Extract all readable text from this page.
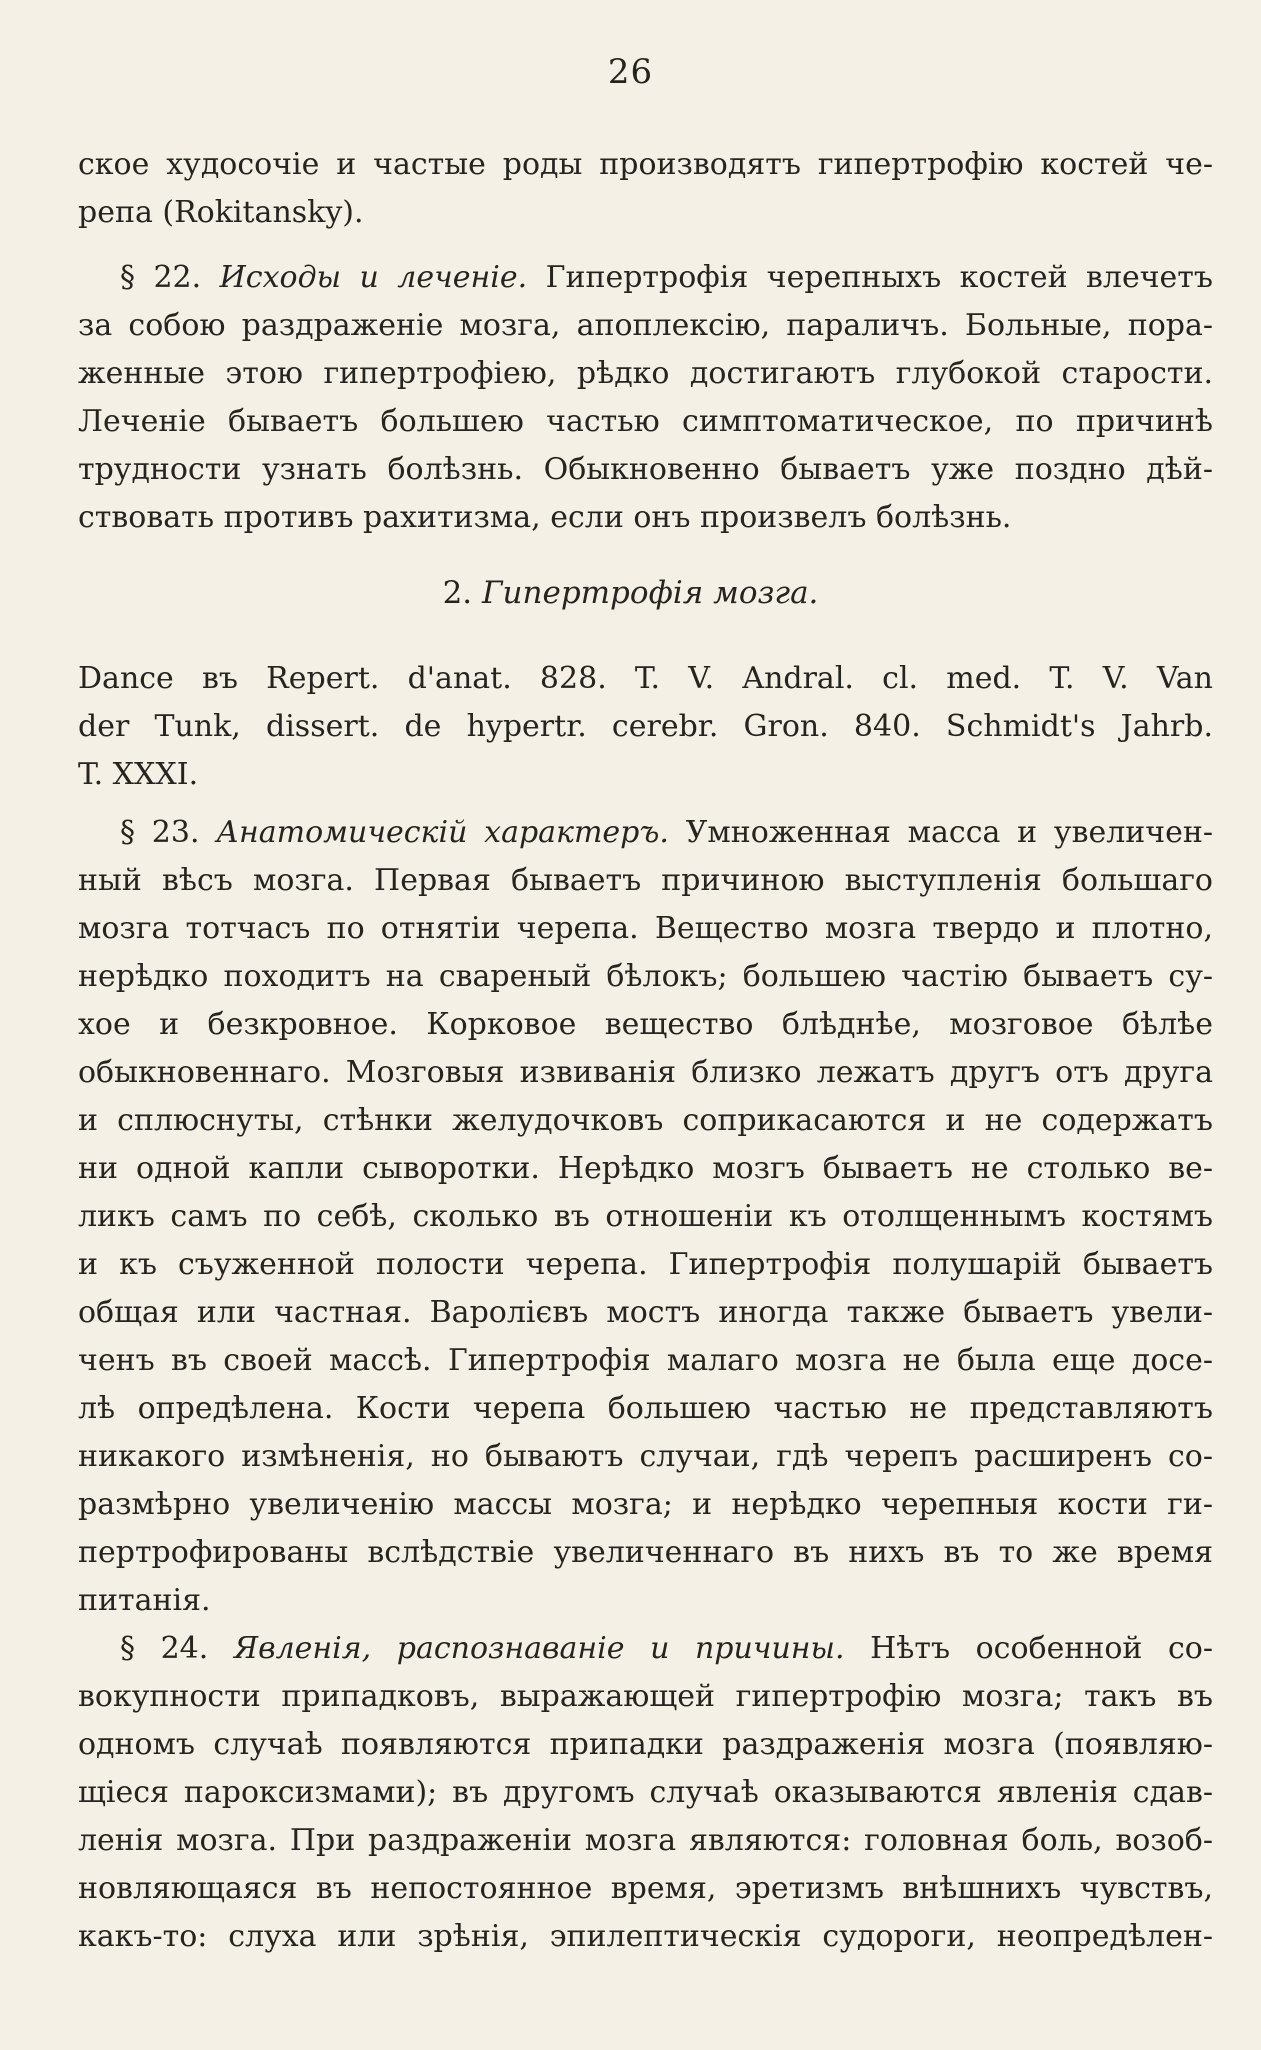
26
ское худосочіе и частые роды производятъ гипертрофію костей че-
репа (Rokitansky).
§ 22. Исходы и леченіе. Гипертрофія черепныхъ костей влечетъ
за собою раздраженіе мозга, апоплексію, параличъ. Больные, пора-
женные этою гипертрофіею, рѣдко достигаютъ глубокой старости.
Леченіе бываетъ большею частью симптоматическое, по причинѣ
трудности узнать болѣзнь. Обыкновенно бываетъ уже поздно дѣй-
ствовать противъ рахитизма, если онъ произвелъ болѣзнь.
2. Гипертрофія мозга.
Dance въ Repert. d'anat. 828. T. V. Andral. cl. med. T. V. Van
der Tunk, dissert. de hypertr. cerebr. Gron. 840. Schmidt's Jahrb.
T. XXXI.
§ 23. Анатомическій характеръ. Умноженная масса и увеличен-
ный вѣсъ мозга. Первая бываетъ причиною выступленія большаго
мозга тотчасъ по отнятіи черепа. Вещество мозга твердо и плотно,
нерѣдко походитъ на свареный бѣлокъ; большею частію бываетъ су-
хое и безкровное. Корковое вещество блѣднѣе, мозговое бѣлѣе
обыкновеннаго. Мозговыя извиванія близко лежатъ другъ отъ друга
и сплюснуты, стѣнки желудочковъ соприкасаются и не содержатъ
ни одной капли сыворотки. Нерѣдко мозгъ бываетъ не столько ве-
ликъ самъ по себѣ, сколько въ отношеніи къ отолщеннымъ костямъ
и къ съуженной полости черепа. Гипертрофія полушарій бываетъ
общая или частная. Варолієвъ мостъ иногда также бываетъ увели-
ченъ въ своей массѣ. Гипертрофія малаго мозга не была еще досе-
лѣ опредѣлена. Кости черепа большею частью не представляютъ
никакого измѣненія, но бываютъ случаи, гдѣ черепъ расширенъ со-
размѣрно увеличенію массы мозга; и нерѣдко черепныя кости ги-
пертрофированы вслѣдствіе увеличеннаго въ нихъ въ то же время
питанія.
§ 24. Явленія, распознаваніе и причины. Нѣтъ особенной со-
вокупности припадковъ, выражающей гипертрофію мозга; такъ въ
одномъ случаѣ появляются припадки раздраженія мозга (появляю-
щіеся пароксизмами); въ другомъ случаѣ оказываются явленія сдав-
ленія мозга. При раздраженіи мозга являются: головная боль, возоб-
новляющаяся въ непостоянное время, эретизмъ внѣшнихъ чувствъ,
какъ-то: слуха или зрѣнія, эпилептическія судороги, неопредѣлен-
